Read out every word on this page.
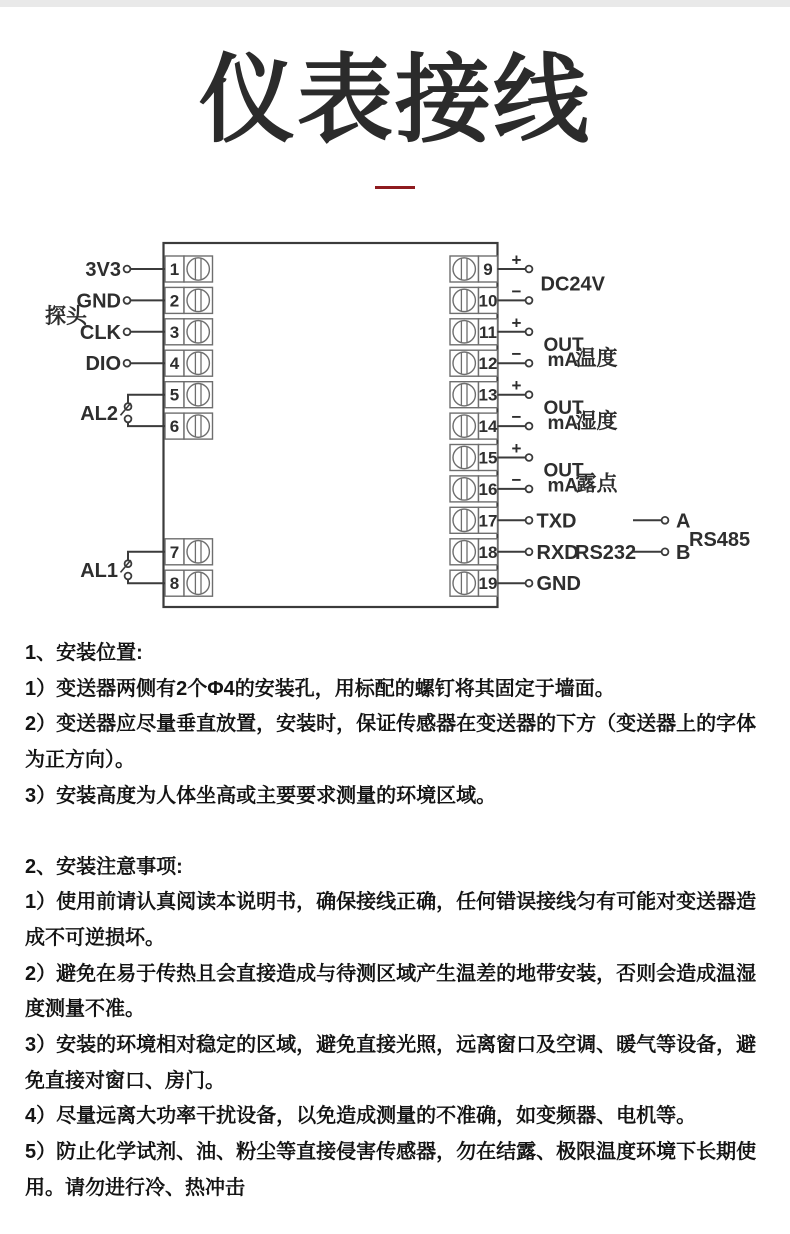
仪表接线
1
2
3
4
5
6
7
8
9
10
11
12
13
14
15
16
17
18
19
探头
3V3
GND
CLK
DIO
AL2
AL1
+
−
+
−
+
−
+
−
DC24V
OUT
mA
温度
OUT
mA
湿度
OUT
mA
露点
TXD
RXD
RS232
GND
A
B
RS485

1、安装位置:

1）变送器两侧有2个Φ4的安装孔，用标配的螺钉将其固定于墙面。

2）变送器应尽量垂直放置，安装时，保证传感器在变送器的下方（变送器上的字体为正方向）。

3）安装高度为人体坐高或主要要求测量的环境区域。

2、安装注意事项:

1）使用前请认真阅读本说明书，确保接线正确，任何错误接线匀有可能对变送器造成不可逆损坏。

2）避免在易于传热且会直接造成与待测区域产生温差的地带安装，否则会造成温湿度测量不准。

3）安装的环境相对稳定的区域，避免直接光照，远离窗口及空调、暖气等设备，避免直接对窗口、房门。

4）尽量远离大功率干扰设备，以免造成测量的不准确，如变频器、电机等。

5）防止化学试剂、油、粉尘等直接侵害传感器，勿在结露、极限温度环境下长期使用。请勿进行冷、热冲击
